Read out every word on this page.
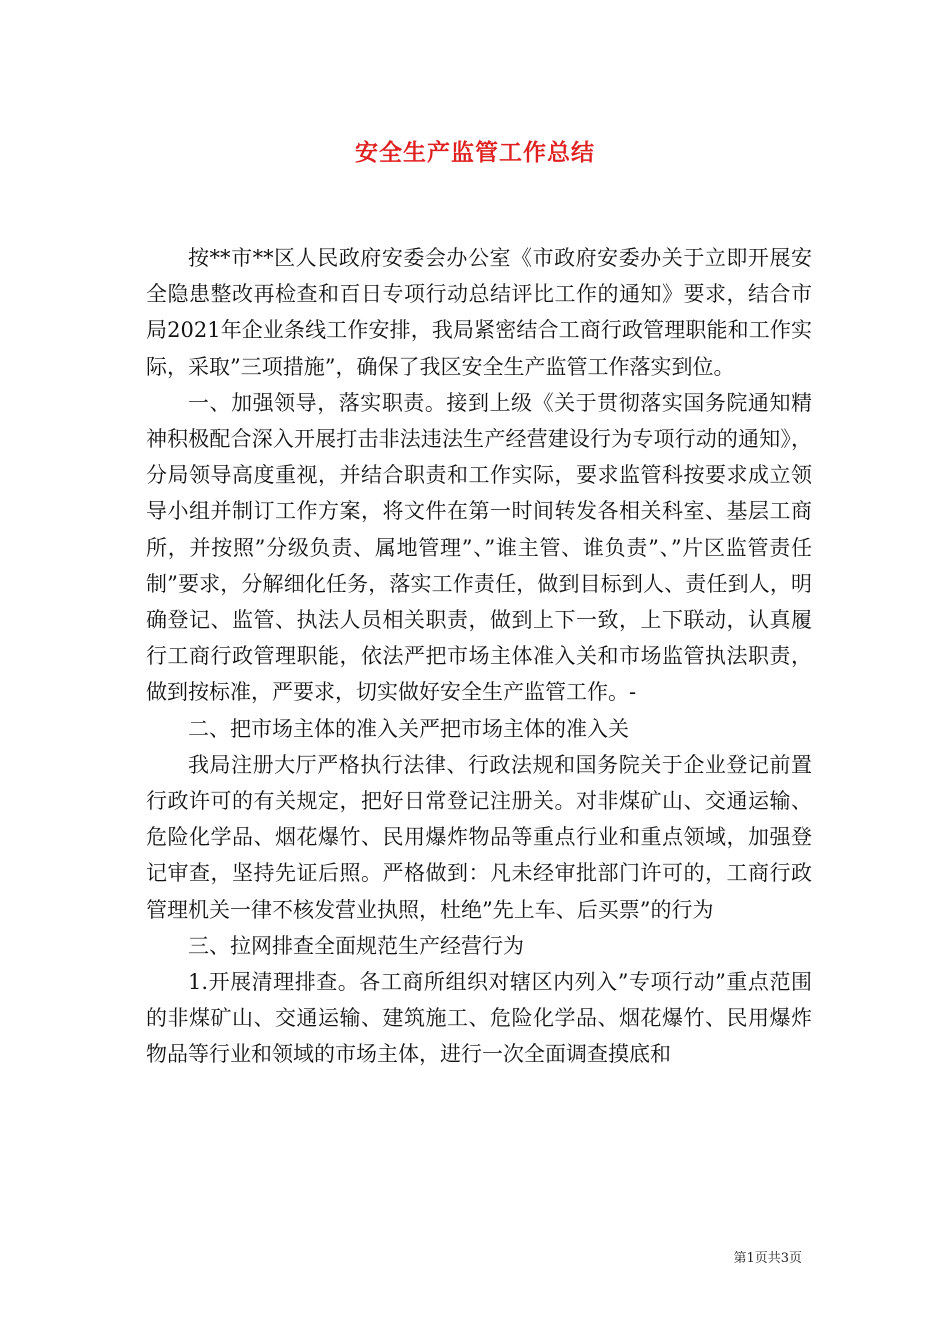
安全生产监管工作总结

按**市**区人民政府安委会办公室《市政府安委办关于立即开展安全隐患整改再检查和百日专项行动总结评比工作的通知》要求，结合市局2021年企业条线工作安排，我局紧密结合工商行政管理职能和工作实际，采取”三项措施”，确保了我区安全生产监管工作落实到位。

一、加强领导，落实职责。接到上级《关于贯彻落实国务院通知精神积极配合深入开展打击非法违法生产经营建设行为专项行动的通知》，分局领导高度重视，并结合职责和工作实际，要求监管科按要求成立领导小组并制订工作方案，将文件在第一时间转发各相关科室、基层工商所，并按照”分级负责、属地管理”、”谁主管、谁负责”、”片区监管责任制”要求，分解细化任务，落实工作责任，做到目标到人、责任到人，明确登记、监管、执法人员相关职责，做到上下一致，上下联动，认真履行工商行政管理职能，依法严把市场主体准入关和市场监管执法职责，做到按标准，严要求，切实做好安全生产监管工作。-

二、把市场主体的准入关严把市场主体的准入关

我局注册大厅严格执行法律、行政法规和国务院关于企业登记前置行政许可的有关规定，把好日常登记注册关。对非煤矿山、交通运输、危险化学品、烟花爆竹、民用爆炸物品等重点行业和重点领域，加强登记审查，坚持先证后照。严格做到：凡未经审批部门许可的，工商行政管理机关一律不核发营业执照，杜绝”先上车、后买票”的行为

三、拉网排查全面规范生产经营行为

1.开展清理排查。各工商所组织对辖区内列入”专项行动”重点范围的非煤矿山、交通运输、建筑施工、危险化学品、烟花爆竹、民用爆炸物品等行业和领域的市场主体，进行一次全面调查摸底和

第1页共3页
